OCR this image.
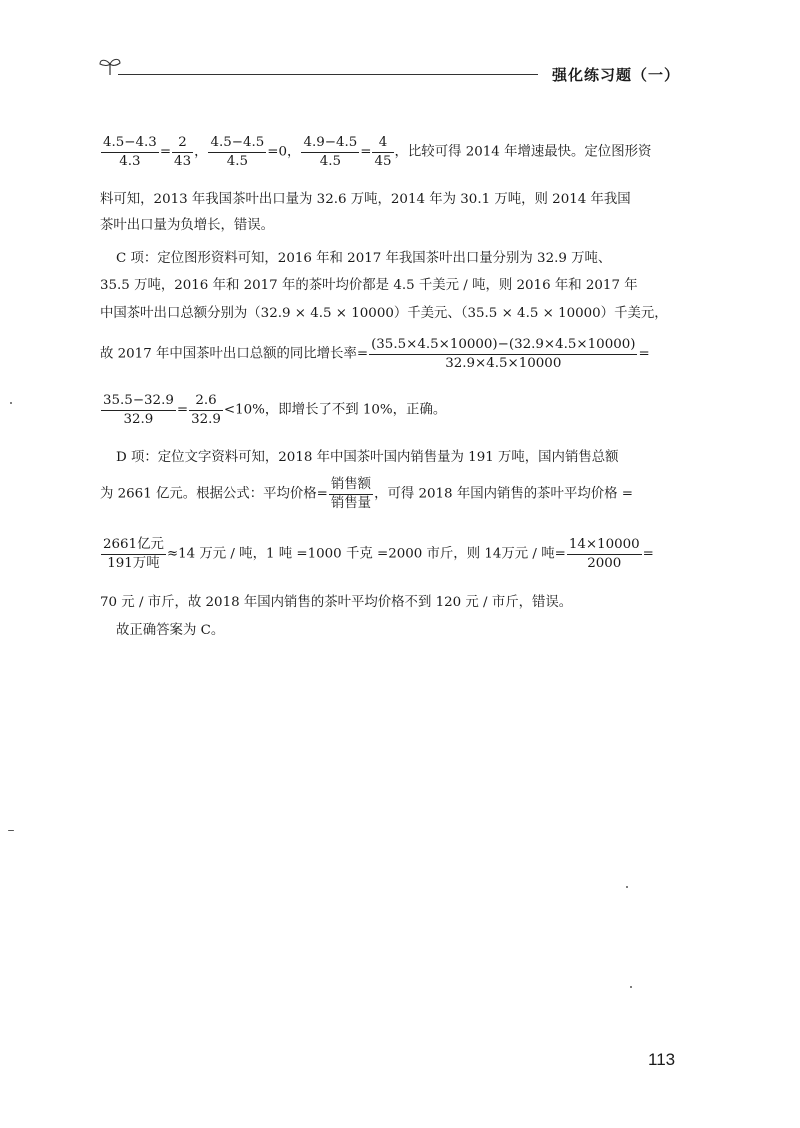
强化练习题（一）
$\frac{4.5-4.3}{4.3} = \frac{2}{43}$ ， $\frac{4.5-4.5}{4.5} =0$， $\frac{4.9-4.5}{4.5} = \frac{4}{45}$ ，比较可得 2014 年增速最快。定位图形资
料可知，2013 年我国茶叶出口量为 32.6 万吨，2014 年为 30.1 万吨，则 2014 年我国
茶叶出口量为负增长，错误。
C 项：定位图形资料可知，2016 年和 2017 年我国茶叶出口量分别为 32.9 万吨、
35.5 万吨，2016 年和 2017 年的茶叶均价都是 4.5 千美元 / 吨，则 2016 年和 2017 年
中国茶叶出口总额分别为（32.9 × 4.5 × 10000）千美元、（35.5 × 4.5 × 10000）千美元，
故 2017 年中国茶叶出口总额的同比增长率= $\frac{(35.5\times 4.5\times 10000)-(32.9\times 4.5\times 10000)}{32.9\times 4.5\times 10000}$ =
$\frac{35.5-32.9}{32.9} = \frac{2.6}{32.9} <10\%$，即增长了不到 10%，正确。
D 项：定位文字资料可知，2018 年中国茶叶国内销售量为 191 万吨，国内销售总额
为 2661 亿元。根据公式：平均价格= $\frac{\text{销售额}}{\text{销售量}}$ ，可得 2018 年国内销售的茶叶平均价格 =
$\frac{\text{2661亿元}}{\text{191万吨}} \approx 14$ 万元 / 吨，1 吨 =1000 千克 =2000 市斤，则 14万元 / 吨= $\frac{14\times 10000}{2000}$ =
70 元 / 市斤，故 2018 年国内销售的茶叶平均价格不到 120 元 / 市斤，错误。
故正确答案为 C。
113
